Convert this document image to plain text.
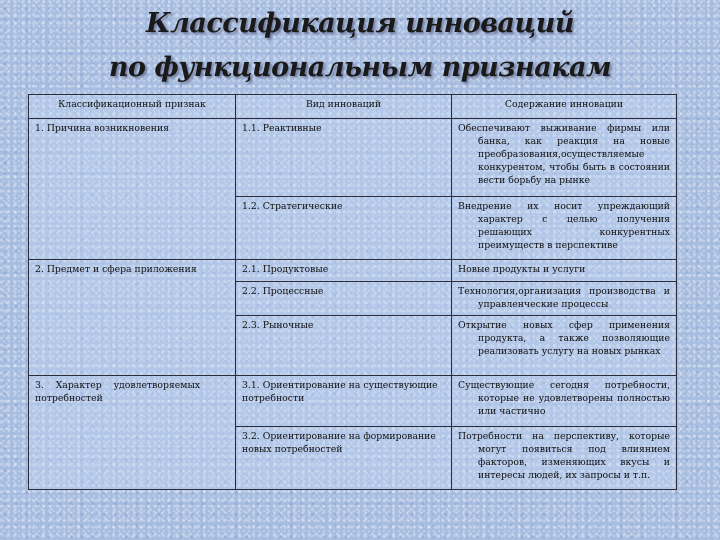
Классификация инноваций
по функциональным признакам
Классификационный признак	Вид инноваций	Содержание инновации
1. Причина возникновения	1.1. Реактивные	Обеспечивают выживание фирмы или банка, как реакция на новые преобразования,осуществляемые конкурентом, чтобы быть в состоянии вести борьбу на рынке

	1.2. Стратегические	Внедрение их носит упреждающий характер с целью получения решающих конкурентных преимуществ в перспективе

2. Предмет и сфера приложения	2.1. Продуктовые	Новые продукты и услуги

	2.2. Процессные	Технология,организация производства и управленческие процессы

	2.3. Рыночные	Открытие новых сфер применения продукта, а также позволяющие реализовать услугу на новых рынках

3.    Характер    удовлетворяемых потребностей	3.1. Ориентирование на существующие потребности	Существующие сегодня потребности, которые не удовлетворены полностью или частично

	3.2. Ориентирование на формирование новых потребностей	Потребности на перспективу, которые могут появиться под влиянием факторов, изменяющих вкусы и интересы людей, их запросы и т.п.
